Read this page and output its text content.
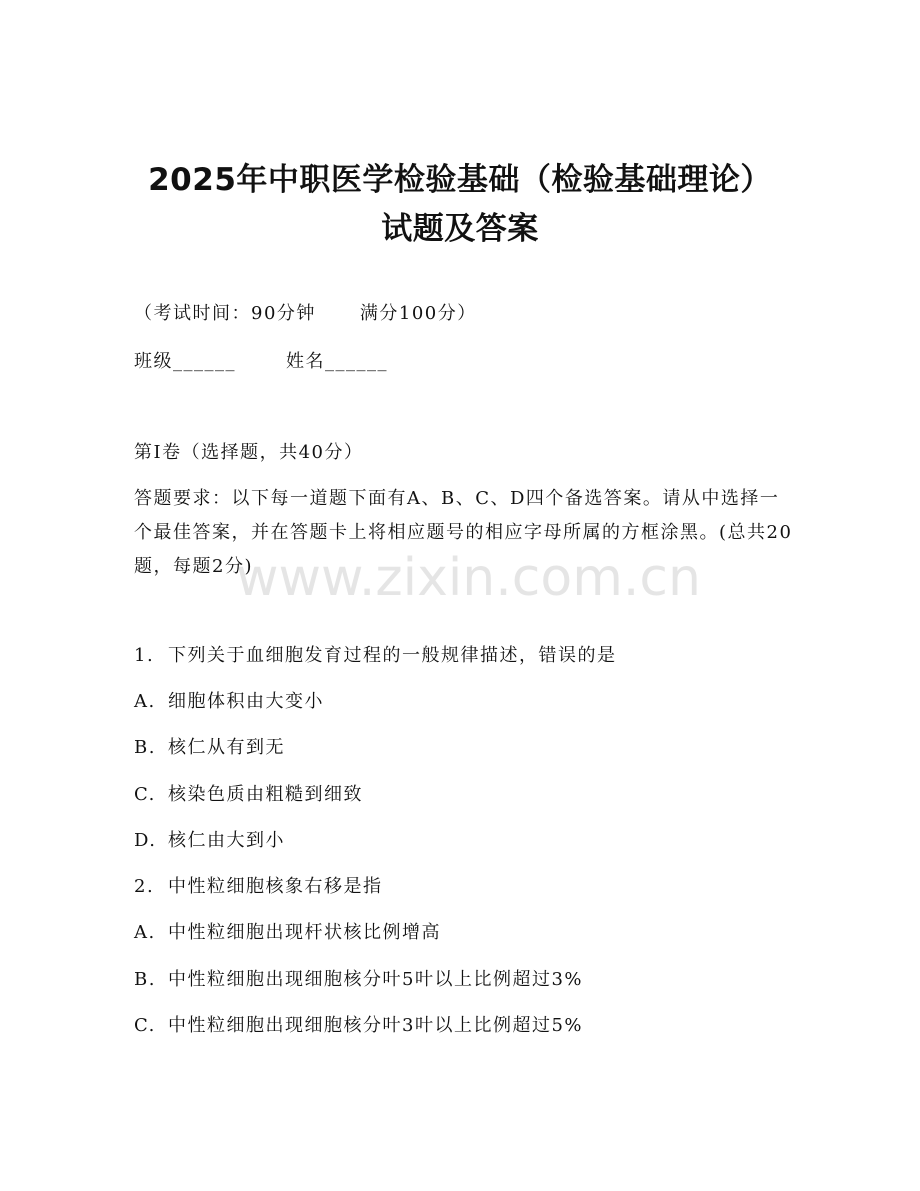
2025年中职医学检验基础（检验基础理论）
试题及答案
（考试时间：90分钟 满分100分）
班级______	姓名______
第I卷（选择题，共40分）
答题要求：以下每一道题下面有A、B、C、D四个备选答案。请从中选择一个最佳答案，并在答题卡上将相应题号的相应字母所属的方框涂黑。(总共20题，每题2分)
www.zixin.com.cn
1. 下列关于血细胞发育过程的一般规律描述，错误的是
A. 细胞体积由大变小
B. 核仁从有到无
C. 核染色质由粗糙到细致
D. 核仁由大到小
2. 中性粒细胞核象右移是指
A. 中性粒细胞出现杆状核比例增高
B. 中性粒细胞出现细胞核分叶5叶以上比例超过3%
C. 中性粒细胞出现细胞核分叶3叶以上比例超过5%
